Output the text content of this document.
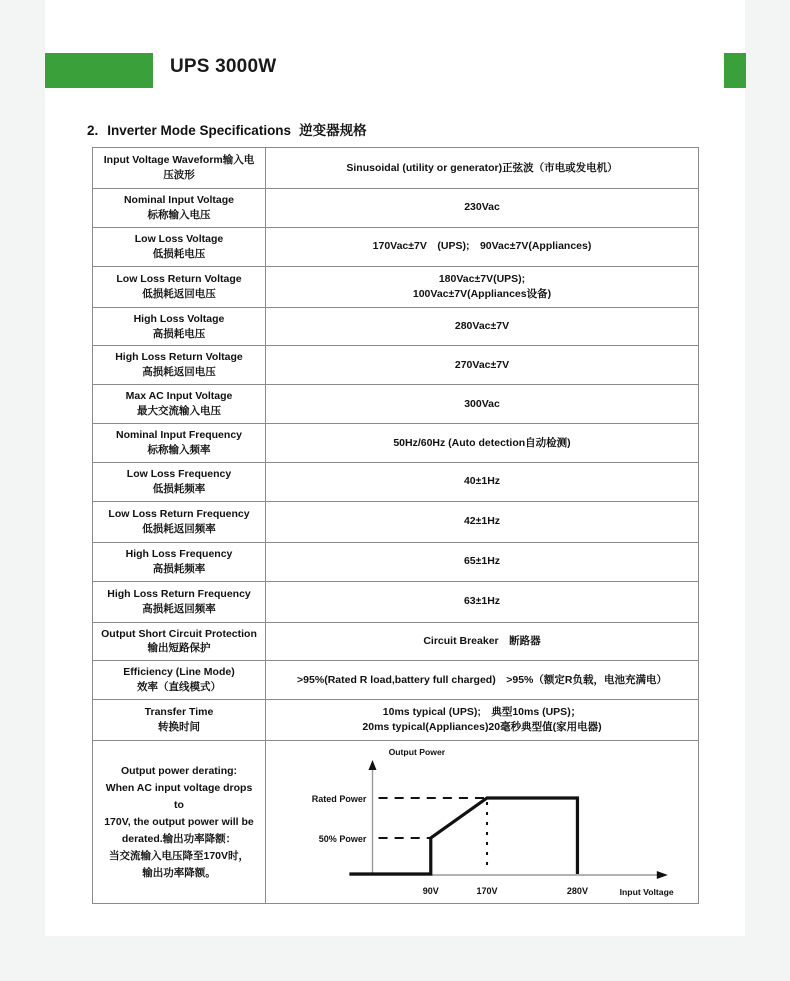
UPS 3000W
2. Inverter Mode Specifications 逆变器规格
Input Voltage Waveform输入电
压波形	Sinusoidal (utility or generator)正弦波（市电或发电机）

Nominal Input Voltage
标称输入电压	230Vac

Low Loss Voltage
低损耗电压	170Vac±7V　(UPS);　90Vac±7V(Appliances)

Low Loss Return Voltage
低损耗返回电压	180Vac±7V(UPS);
100Vac±7V(Appliances设备)

High Loss Voltage
高损耗电压	280Vac±7V

High Loss Return Voltage
高损耗返回电压	270Vac±7V

Max AC Input Voltage
最大交流输入电压	300Vac

Nominal Input Frequency
标称输入频率	50Hz/60Hz (Auto detection自动检测)

Low Loss Frequency
低损耗频率	40±1Hz

Low Loss Return Frequency
低损耗返回频率	42±1Hz

High Loss Frequency
高损耗频率	65±1Hz

High Loss Return Frequency
高损耗返回频率	63±1Hz

Output Short Circuit Protection
输出短路保护	Circuit Breaker　断路器

Efficiency (Line Mode)
效率（直线模式）	>95%(Rated R load,battery full charged)　>95%（额定R负载，电池充满电）

Transfer Time
转换时间	10ms typical (UPS);　典型10ms (UPS)；
20ms typical(Appliances)20毫秒典型值(家用电器)

Output power derating:
When AC input voltage drops to
170V, the output power will be
derated.输出功率降额：
当交流输入电压降至170V时，
输出功率降额。

Output Power
Input Voltage
Rated Power
50% Power
90V	170V	280V
